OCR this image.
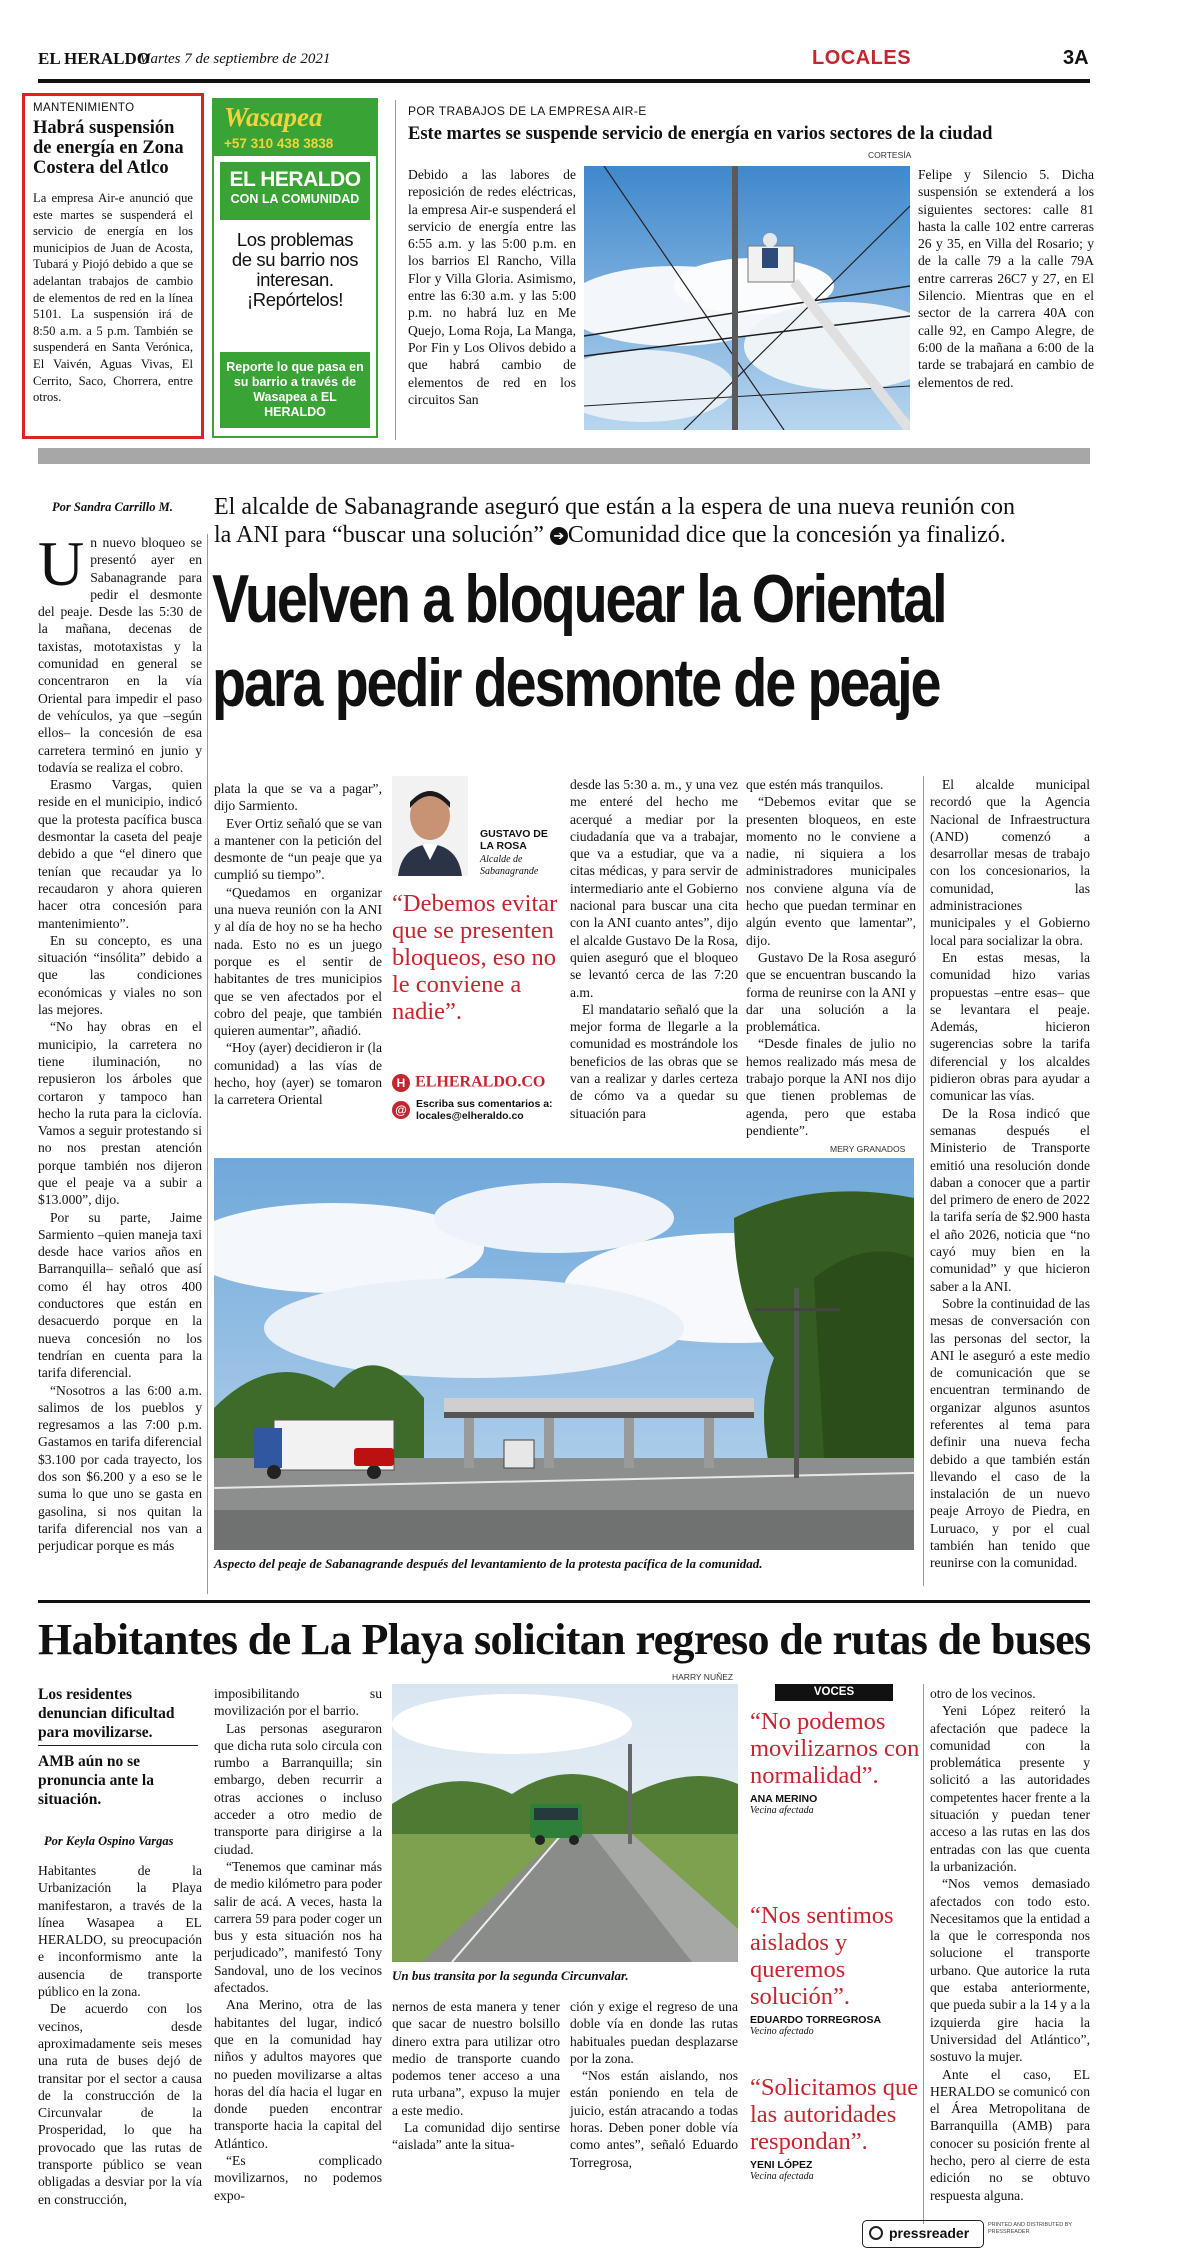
EL HERALDO
Martes 7 de septiembre de 2021	LOCALES	3A
MANTENIMIENTO
Habrá suspensión de energía en Zona Costera del Atlco
La empresa Air-e anunció que este martes se suspenderá el servicio de energía en los municipios de Juan de Acosta, Tubará y Piojó debido a que se adelantan trabajos de cambio de elementos de red en la línea 5101. La suspensión irá de 8:50 a.m. a 5 p.m. También se suspenderá en Santa Verónica, El Vaivén, Aguas Vivas, El Cerrito, Saco, Chorrera, entre otros.
Wasapea
+57 310 438 3838
EL HERALDO
CON LA COMUNIDAD
Los problemas de su barrio nos interesan. ¡Repórtelos!
Reporte lo que pasa en su barrio a través de Wasapea a EL HERALDO
POR TRABAJOS DE LA EMPRESA AIR-E
Este martes se suspende servicio de energía en varios sectores de la ciudad
CORTESÍA
Debido a las labores de reposición de redes eléctricas, la empresa Air-e suspenderá el servicio de energía entre las 6:55 a.m. y las 5:00 p.m. en los barrios El Rancho, Villa Flor y Villa Gloria. Asimismo, entre las 6:30 a.m. y las 5:00 p.m. no habrá luz en Me Quejo, Loma Roja, La Manga, Por Fin y Los Olivos debido a que habrá cambio de elementos de red en los circuitos San
Felipe y Silencio 5. Dicha suspensión se extenderá a los siguientes sectores: calle 81 hasta la calle 102 entre carreras 26 y 35, en Villa del Rosario; y de la calle 79 a la calle 79A entre carreras 26C7 y 27, en El Silencio. Mientras que en el sector de la carrera 40A con calle 92, en Campo Alegre, de 6:00 de la mañana a 6:00 de la tarde se trabajará en cambio de elementos de red.
Por Sandra Carrillo M. El alcalde de Sabanagrande aseguró que están a la espera de una nueva reunión con
la ANI para “buscar una solución” ➔ Comunidad dice que la concesión ya finalizó.
Vuelven a bloquear la Oriental
para pedir desmonte de peaje
U n nuevo bloqueo se presentó ayer en Sabanagrande para pedir el desmonte del peaje. Desde las 5:30 de la mañana, decenas de taxistas, mototaxistas y la comunidad en general se concentraron en la vía Oriental para impedir el paso de vehículos, ya que –según ellos– la concesión de esa carretera terminó en junio y todavía se realiza el cobro.

Erasmo Vargas, quien reside en el municipio, indicó que la protesta pacífica busca desmontar la caseta del peaje debido a que “el dinero que tenían que recaudar ya lo recaudaron y ahora quieren hacer otra concesión para mantenimiento”.

En su concepto, es una situación “insólita” debido a que las condiciones económicas y viales no son las mejores.

“No hay obras en el municipio, la carretera no tiene iluminación, no repusieron los árboles que cortaron y tampoco han hecho la ruta para la ciclovía. Vamos a seguir protestando si no nos prestan atención porque también nos dijeron que el peaje va a subir a $13.000”, dijo.

Por su parte, Jaime Sarmiento –quien maneja taxi desde hace varios años en Barranquilla– señaló que así como él hay otros 400 conductores que están en desacuerdo porque en la nueva concesión no los tendrían en cuenta para la tarifa diferencial.

“Nosotros a las 6:00 a.m. salimos de los pueblos y regresamos a las 7:00 p.m. Gastamos en tarifa diferencial $3.100 por cada trayecto, los dos son $6.200 y a eso se le suma lo que uno se gasta en gasolina, si nos quitan la tarifa diferencial nos van a perjudicar porque es más

plata la que se va a pagar”, dijo Sarmiento.

Ever Ortiz señaló que se van a mantener con la petición del desmonte de “un peaje que ya cumplió su tiempo”.

“Quedamos en organizar una nueva reunión con la ANI y al día de hoy no se ha hecho nada. Esto no es un juego porque es el sentir de habitantes de tres municipios que se ven afectados por el cobro del peaje, que también quieren aumentar”, añadió.

“Hoy (ayer) decidieron ir (la comunidad) a las vías de hecho, hoy (ayer) se tomaron la carretera Oriental

GUSTAVO DE LA ROSA
Alcalde de Sabanagrande
“Debemos evitar que se presenten bloqueos, eso no le conviene a nadie”.
H ELHERALDO.CO
@ Escriba sus comentarios a:
locales@elheraldo.co

desde las 5:30 a. m., y una vez me enteré del hecho me acerqué a mediar por la ciudadanía que va a trabajar, que va a estudiar, que va a citas médicas, y para servir de intermediario ante el Gobierno nacional para buscar una cita con la ANI cuanto antes”, dijo el alcalde Gustavo De la Rosa, quien aseguró que el bloqueo se levantó cerca de las 7:20 a.m.

El mandatario señaló que la mejor forma de llegarle a la comunidad es mostrándole los beneficios de las obras que se van a realizar y darles certeza de cómo va a quedar su situación para

que estén más tranquilos.

“Debemos evitar que se presenten bloqueos, en este momento no le conviene a nadie, ni siquiera a los administradores municipales nos conviene alguna vía de hecho que puedan terminar en algún evento que lamentar”, dijo.

Gustavo De la Rosa aseguró que se encuentran buscando la forma de reunirse con la ANI y dar una solución a la problemática.

“Desde finales de julio no hemos realizado más mesa de trabajo porque la ANI nos dijo que tienen problemas de agenda, pero que estaba pendiente”.

El alcalde municipal recordó que la Agencia Nacional de Infraestructura (AND) comenzó a desarrollar mesas de trabajo con los concesionarios, la comunidad, las administraciones municipales y el Gobierno local para socializar la obra.

En estas mesas, la comunidad hizo varias propuestas –entre esas– que se levantara el peaje. Además, hicieron sugerencias sobre la tarifa diferencial y los alcaldes pidieron obras para ayudar a comunicar las vías.

De la Rosa indicó que semanas después el Ministerio de Transporte emitió una resolución donde daban a conocer que a partir del primero de enero de 2022 la tarifa sería de $2.900 hasta el año 2026, noticia que “no cayó muy bien en la comunidad” y que hicieron saber a la ANI.

Sobre la continuidad de las mesas de conversación con las personas del sector, la ANI le aseguró a este medio de comunicación que se encuentran terminando de organizar algunos asuntos referentes al tema para definir una nueva fecha debido a que también están llevando el caso de la instalación de un nuevo peaje Arroyo de Piedra, en Luruaco, y por el cual también han tenido que reunirse con la comunidad.

MERY GRANADOS
Aspecto del peaje de Sabanagrande después del levantamiento de la protesta pacífica de la comunidad.
Habitantes de La Playa solicitan regreso de rutas de buses
Los residentes denuncian dificultad para movilizarse.
AMB aún no se pronuncia ante la situación.
Por Keyla Ospino Vargas

Habitantes de la Urbanización la Playa manifestaron, a través de la línea Wasapea a EL HERALDO, su preocupación e inconformismo ante la ausencia de transporte público en la zona.

De acuerdo con los vecinos, desde aproximadamente seis meses una ruta de buses dejó de transitar por el sector a causa de la construcción de la Circunvalar de la Prosperidad, lo que ha provocado que las rutas de transporte público se vean obligadas a desviar por la vía en construcción,

imposibilitando su movilización por el barrio.

Las personas aseguraron que dicha ruta solo circula con rumbo a Barranquilla; sin embargo, deben recurrir a otras acciones o incluso acceder a otro medio de transporte para dirigirse a la ciudad.

“Tenemos que caminar más de medio kilómetro para poder salir de acá. A veces, hasta la carrera 59 para poder coger un bus y esta situación nos ha perjudicado”, manifestó Tony Sandoval, uno de los vecinos afectados.

Ana Merino, otra de las habitantes del lugar, indicó que en la comunidad hay niños y adultos mayores que no pueden movilizarse a altas horas del día hacia el lugar en donde pueden encontrar transporte hacia la capital del Atlántico.

“Es complicado movilizarnos, no podemos expo-

HARRY NUÑEZ
Un bus transita por la segunda Circunvalar.

nernos de esta manera y tener que sacar de nuestro bolsillo dinero extra para utilizar otro medio de transporte cuando podemos tener acceso a una ruta urbana”, expuso la mujer a este medio.

La comunidad dijo sentirse “aislada” ante la situa-

ción y exige el regreso de una doble vía en donde las rutas habituales puedan desplazarse por la zona.

“Nos están aislando, nos están poniendo en tela de juicio, están atracando a todas horas. Deben poner doble vía como antes”, señaló Eduardo Torregrosa,

VOCES
“No podemos movilizarnos con normalidad”.
ANA MERINO
Vecina afectada
“Nos sentimos aislados y queremos solución”.
EDUARDO TORREGROSA
Vecino afectado
“Solicitamos que las autoridades respondan”.
YENI LÓPEZ
Vecina afectada

otro de los vecinos.

Yeni López reiteró la afectación que padece la comunidad con la problemática presente y solicitó a las autoridades competentes hacer frente a la situación y puedan tener acceso a las rutas en las dos entradas con las que cuenta la urbanización.

“Nos vemos demasiado afectados con todo esto. Necesitamos que la entidad a la que le corresponda nos solucione el transporte urbano. Que autorice la ruta que estaba anteriormente, que pueda subir a la 14 y a la izquierda gire hacia la Universidad del Atlántico”, sostuvo la mujer.

Ante el caso, EL HERALDO se comunicó con el Área Metropolitana de Barranquilla (AMB) para conocer su posición frente al hecho, pero al cierre de esta edición no se obtuvo respuesta alguna.

pressreader	PRINTED AND DISTRIBUTED BY PRESSREADER
